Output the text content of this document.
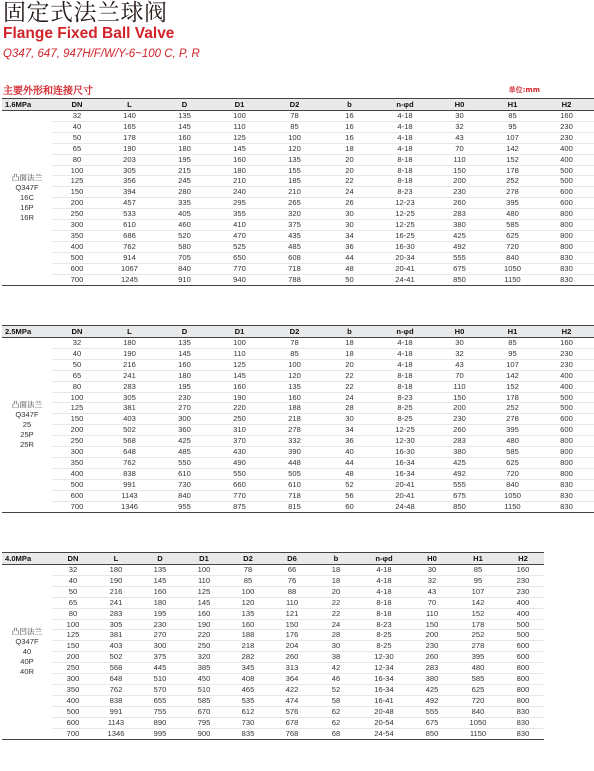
固定式法兰球阀
Flange Fixed Ball Valve
Q347, 647, 947H/F/W/Y-6~100 C, P, R
主要外形和连接尺寸	单位:mm
1.6MPa	DN	L	D	D1	D2	b	n-φd	H0	H1	H2

凸面法兰
Q347F
16C
16P
16R	32	140	135	100	78	16	4-18	30	85	160
	40	165	145	110	85	16	4-18	32	95	230
	50	178	160	125	100	16	4-18	43	107	230
	65	190	180	145	120	18	4-18	70	142	400
	80	203	195	160	135	20	8-18	110	152	400
	100	305	215	180	155	20	8-18	150	178	500
	125	356	245	210	185	22	8-18	200	252	500
	150	394	280	240	210	24	8-23	230	278	600
	200	457	335	295	265	26	12-23	260	395	600
	250	533	405	355	320	30	12-25	283	480	800
	300	610	460	410	375	30	12-25	380	585	800
	350	686	520	470	435	34	16-25	425	625	800
	400	762	580	525	485	36	16-30	492	720	800
	500	914	705	650	608	44	20-34	555	840	830
	600	1067	840	770	718	48	20-41	675	1050	830
	700	1245	910	940	788	50	24-41	850	1150	830
2.5MPa	DN	L	D	D1	D2	b	n-φd	H0	H1	H2

凸面法兰
Q347F
25
25P
25R	32	180	135	100	78	18	4-18	30	85	160
	40	190	145	110	85	18	4-18	32	95	230
	50	216	160	125	100	20	4-18	43	107	230
	65	241	180	145	120	22	8-18	70	142	400
	80	283	195	160	135	22	8-18	110	152	400
	100	305	230	190	160	24	8-23	150	178	500
	125	381	270	220	188	28	8-25	200	252	500
	150	403	300	250	218	30	8-25	230	278	600
	200	502	360	310	278	34	12-25	260	395	600
	250	568	425	370	332	36	12-30	283	480	800
	300	648	485	430	390	40	16-30	380	585	800
	350	762	550	490	448	44	16-34	425	625	800
	400	838	610	550	505	48	16-34	492	720	800
	500	991	730	660	610	52	20-41	555	840	830
	600	1143	840	770	718	56	20-41	675	1050	830
	700	1346	955	875	815	60	24-48	850	1150	830
4.0MPa	DN	L	D	D1	D2	D6	b	n-φd	H0	H1	H2

凸凹法兰
Q347F
40
40P
40R	32	180	135	100	78	66	18	4-18	30	85	160
	40	190	145	110	85	76	18	4-18	32	95	230
	50	216	160	125	100	88	20	4-18	43	107	230
	65	241	180	145	120	110	22	8-18	70	142	400
	80	283	195	160	135	121	22	8-18	110	152	400
	100	305	230	190	160	150	24	8-23	150	178	500
	125	381	270	220	188	176	28	8-25	200	252	500
	150	403	300	250	218	204	30	8-25	230	278	600
	200	502	375	320	282	260	38	12-30	260	395	600
	250	568	445	385	345	313	42	12-34	283	480	800
	300	648	510	450	408	364	46	16-34	380	585	800
	350	762	570	510	465	422	52	16-34	425	625	800
	400	838	655	585	535	474	58	16-41	492	720	800
	500	991	755	670	612	576	62	20-48	555	840	830
	600	1143	890	795	730	678	62	20-54	675	1050	830
	700	1346	995	900	835	768	68	24-54	850	1150	830
